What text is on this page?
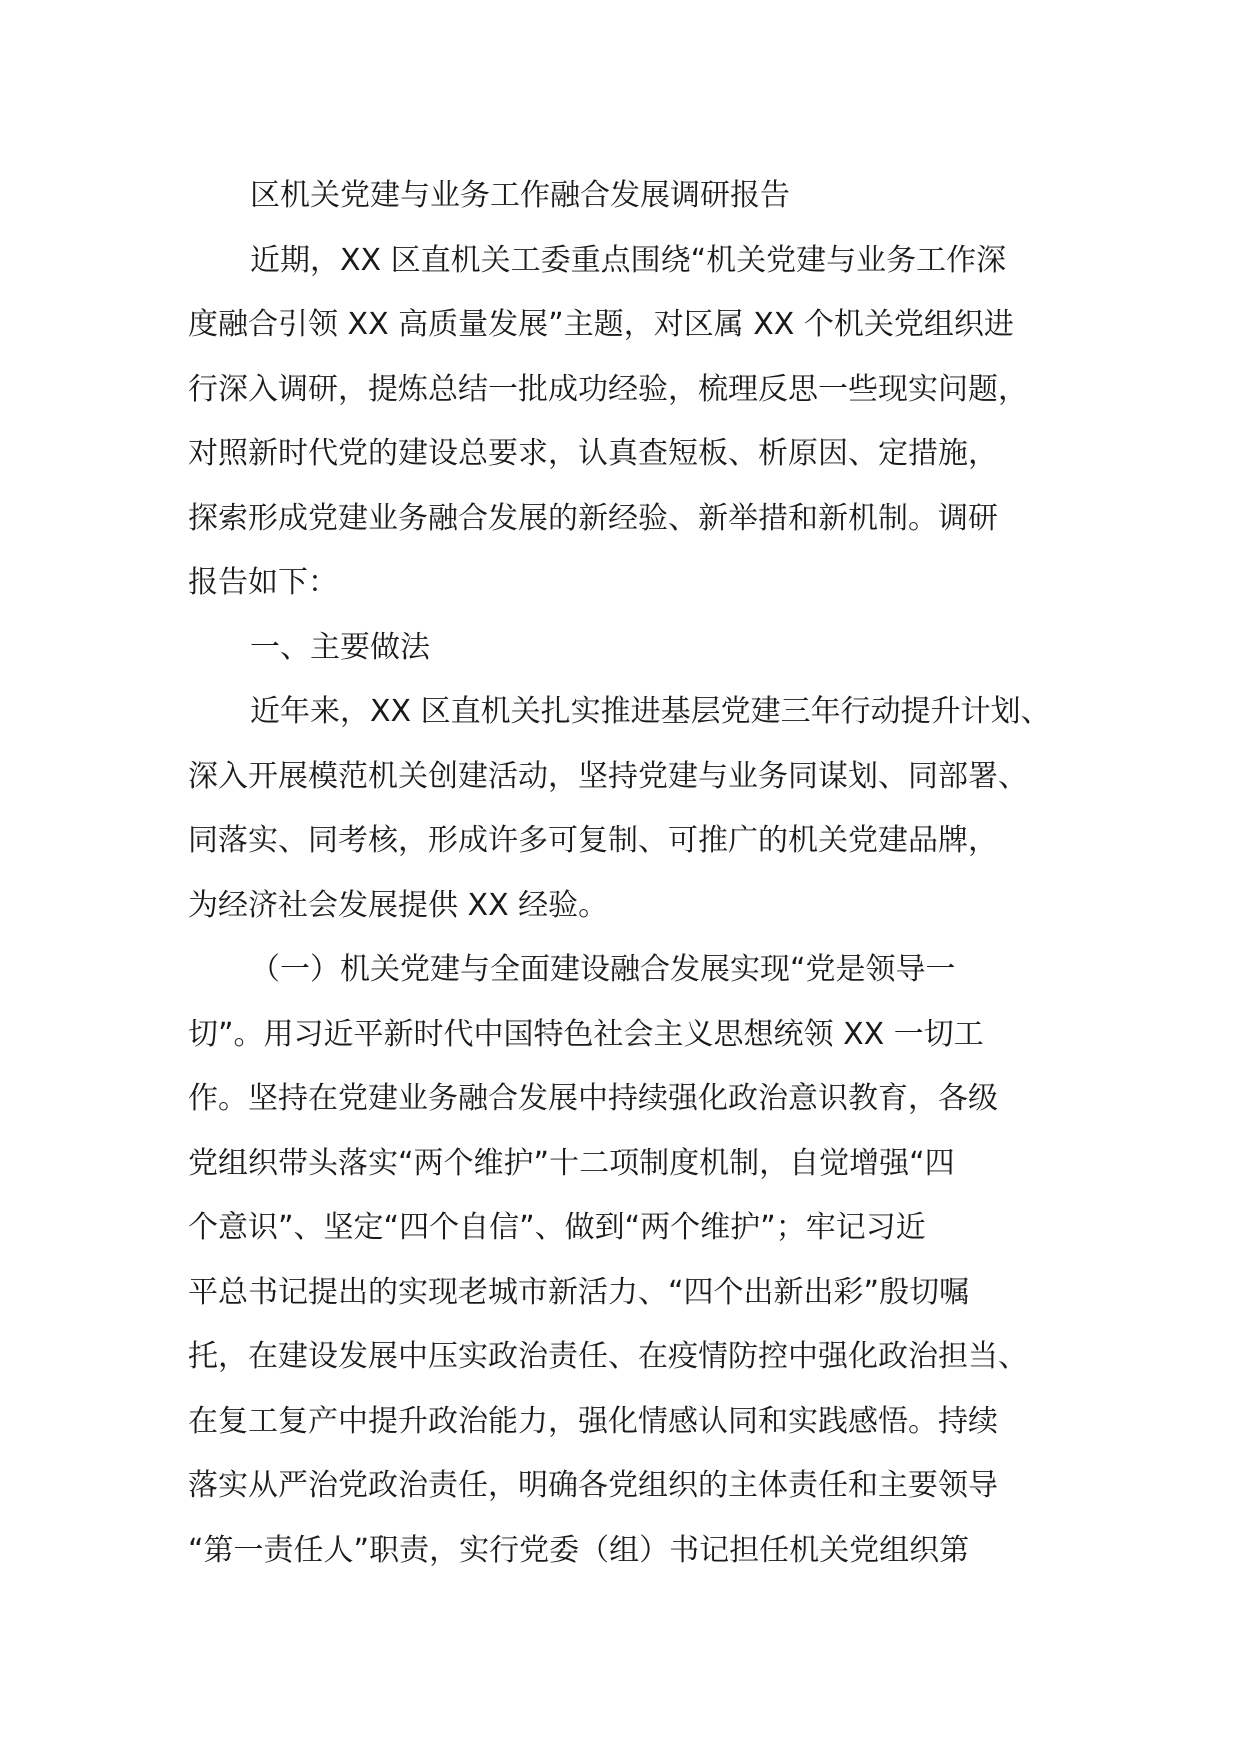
区机关党建与业务工作融合发展调研报告
近期，XX 区直机关工委重点围绕“机关党建与业务工作深
度融合引领 XX 高质量发展”主题，对区属 XX 个机关党组织进
行深入调研，提炼总结一批成功经验，梳理反思一些现实问题，
对照新时代党的建设总要求，认真查短板、析原因、定措施，
探索形成党建业务融合发展的新经验、新举措和新机制。调研
报告如下：
一、主要做法
近年来，XX 区直机关扎实推进基层党建三年行动提升计划、
深入开展模范机关创建活动，坚持党建与业务同谋划、同部署、
同落实、同考核，形成许多可复制、可推广的机关党建品牌，
为经济社会发展提供 XX 经验。
（一）机关党建与全面建设融合发展实现“党是领导一
切”。用习近平新时代中国特色社会主义思想统领 XX 一切工
作。坚持在党建业务融合发展中持续强化政治意识教育，各级
党组织带头落实“两个维护”十二项制度机制，自觉增强“四
个意识”、坚定“四个自信”、做到“两个维护”；牢记习近
平总书记提出的实现老城市新活力、“四个出新出彩”殷切嘱
托，在建设发展中压实政治责任、在疫情防控中强化政治担当、
在复工复产中提升政治能力，强化情感认同和实践感悟。持续
落实从严治党政治责任，明确各党组织的主体责任和主要领导
“第一责任人”职责，实行党委（组）书记担任机关党组织第
